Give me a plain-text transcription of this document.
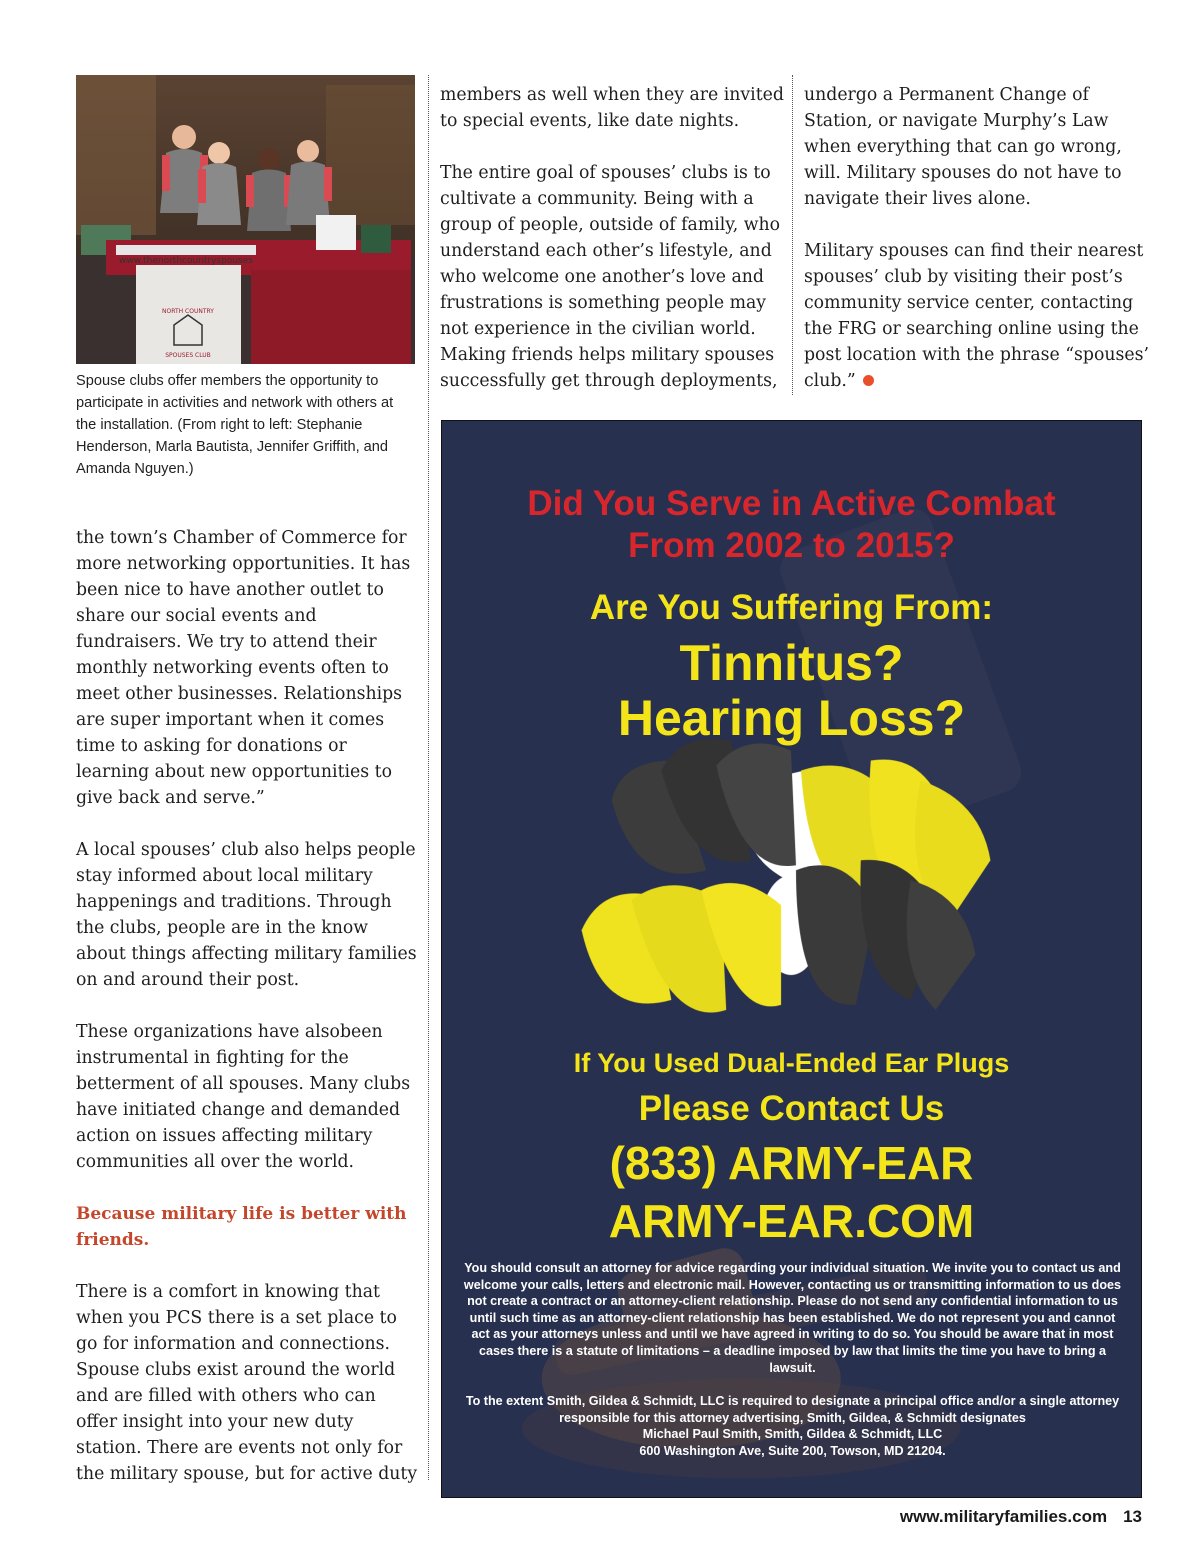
www.thenorthcountryspouses
NORTH COUNTRY
SPOUSES CLUB
Spouse clubs offer members the opportunity to participate in activities and network with others at the installation. (From right to left: Stephanie Henderson, Marla Bautista, Jennifer Griffith, and Amanda Nguyen.)

the town’s Chamber of Commerce for more networking opportunities. It has been nice to have another outlet to share our social events and fundraisers. We try to attend their monthly networking events often to meet other businesses. Relationships are super important when it comes time to asking for donations or learning about new opportunities to give back and serve.”

A local spouses’ club also helps people stay informed about local military happenings and traditions. Through the clubs, people are in the know about things affecting military families on and around their post.

These organizations have alsobeen instrumental in fighting for the betterment of all spouses. Many clubs have initiated change and demanded action on issues affecting military communities all over the world.

Because military life is better with friends.

There is a comfort in knowing that when you PCS there is a set place to go for information and connections. Spouse clubs exist around the world and are filled with others who can offer insight into your new duty station. There are events not only for the military spouse, but for active duty

members as well when they are invited to special events, like date nights.

The entire goal of spouses’ clubs is to cultivate a community. Being with a group of people, outside of family, who understand each other’s lifestyle, and who welcome one another’s love and frustrations is something people may not experience in the civilian world. Making friends helps military spouses successfully get through deployments,

undergo a Permanent Change of Station, or navigate Murphy’s Law when everything that can go wrong, will. Military spouses do not have to navigate their lives alone.

Military spouses can find their nearest spouses’ club by visiting their post’s community service center, contacting the FRG or searching online using the post location with the phrase “spouses’ club.”

Did You Serve in Active Combat
From 2002 to 2015?
Are You Suffering From:
Tinnitus?
Hearing Loss?
If You Used Dual-Ended Ear Plugs
Please Contact Us
(833) ARMY-EAR
ARMY-EAR.COM

You should consult an attorney for advice regarding your individual situation. We invite you to contact us and welcome your calls, letters and electronic mail. However, contacting us or transmitting information to us does not create a contract or an attorney-client relationship. Please do not send any confidential information to us until such time as an attorney-client relationship has been established. We do not represent you and cannot act as your attorneys unless and until we have agreed in writing to do so. You should be aware that in most cases there is a statute of limitations – a deadline imposed by law that limits the time you have to bring a lawsuit.

To the extent Smith, Gildea & Schmidt, LLC is required to designate a principal office and/or a single attorney responsible for this attorney advertising, Smith, Gildea, & Schmidt designates
Michael Paul Smith, Smith, Gildea & Schmidt, LLC
600 Washington Ave, Suite 200, Towson, MD 21204.
www.militaryfamilies.com 13
